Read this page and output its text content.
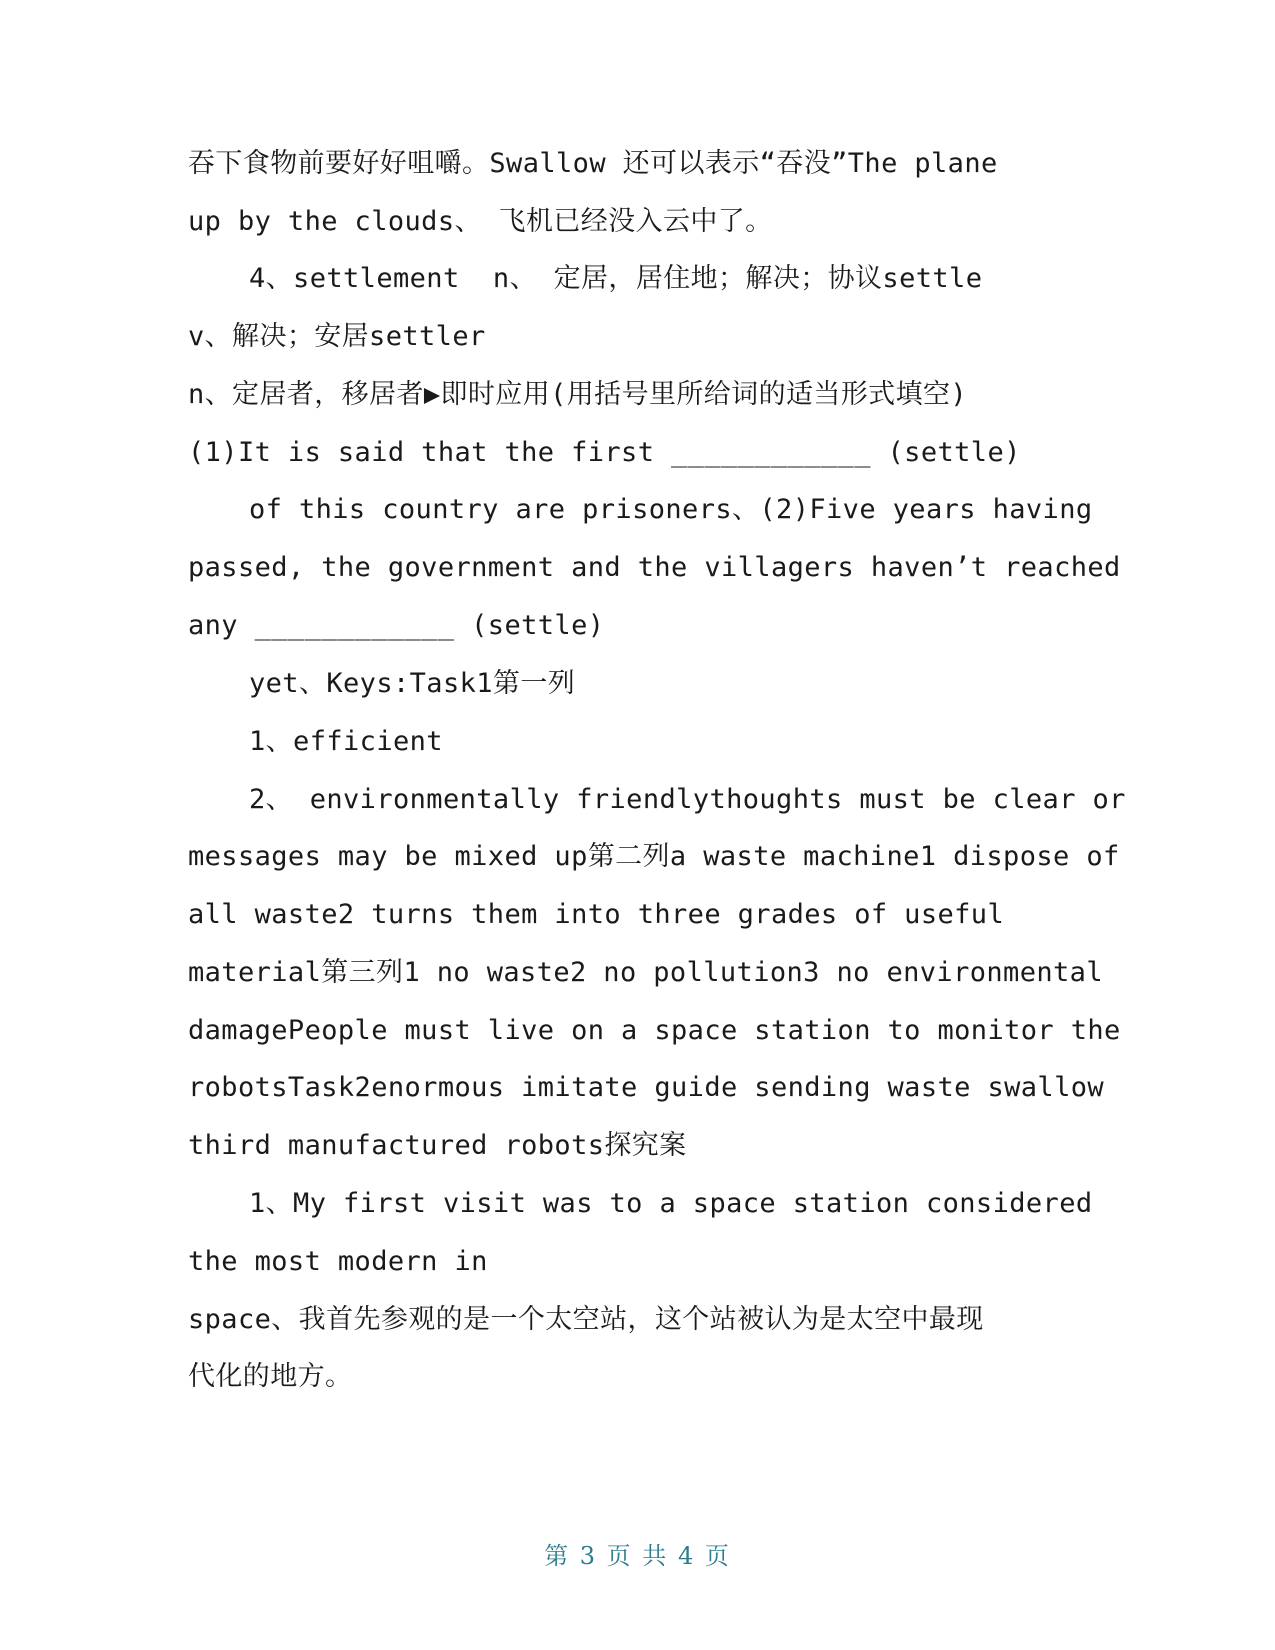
吞下食物前要好好咀嚼。Swallow 还可以表示“吞没”The plane
up by the clouds、 飞机已经没入云中了。
4、settlement  n、 定居，居住地；解决；协议settle
v、解决；安居settler
n、定居者，移居者▶即时应用(用括号里所给词的适当形式填空)
(1)It is said that the first ____________ (settle)
of this country are prisoners、(2)Five years having
passed, the government and the villagers haven’t reached
any ____________ (settle)
yet、Keys:Task1第一列
1、efficient
2、 environmentally friendlythoughts must be clear or
messages may be mixed up第二列a waste machine1 dispose of
all waste2 turns them into three grades of useful
material第三列1 no waste2 no pollution3 no environmental
damagePeople must live on a space station to monitor the
robotsTask2enormous imitate guide sending waste swallow
third manufactured robots探究案
1、My first visit was to a space station considered
the most modern in
space、我首先参观的是一个太空站，这个站被认为是太空中最现
代化的地方。
第 3 页 共 4 页
